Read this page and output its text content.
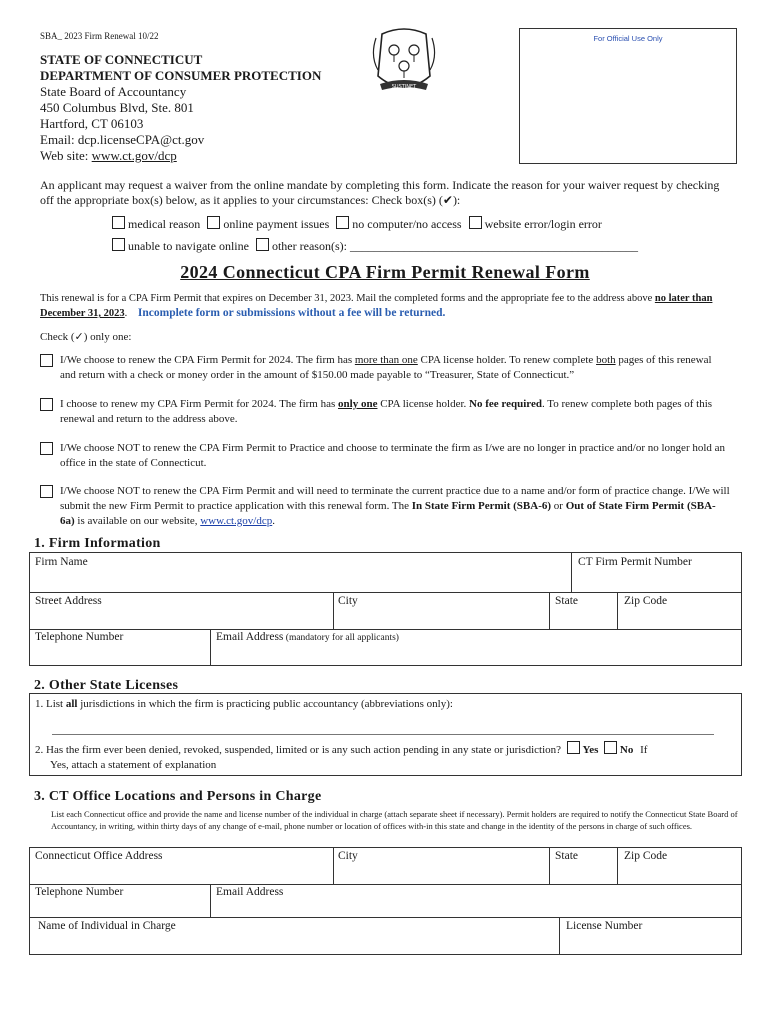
SBA_ 2023 Firm Renewal 10/22
STATE OF CONNECTICUT
DEPARTMENT OF CONSUMER PROTECTION
State Board of Accountancy
450 Columbus Blvd, Ste. 801
Hartford, CT 06103
Email: dcp.licenseCPA@ct.gov
Web site: www.ct.gov/dcp
SUSTINET
For Official Use Only
An applicant may request a waiver from the online mandate by completing this form. Indicate the reason for your waiver request by checking off the appropriate box(s) below, as it applies to your circumstances: Check box(s) (✔):
medical reason online payment issues no computer/no access website error/login error
unable to navigate online other reason(s): ________________________________________________
2024 Connecticut CPA Firm Permit Renewal Form
This renewal is for a CPA Firm Permit that expires on December 31, 2023. Mail the completed forms and the appropriate fee to the address above no later than December 31, 2023. Incomplete form or submissions without a fee will be returned.
Check (✓) only one:
I/We choose to renew the CPA Firm Permit for 2024. The firm has more than one CPA license holder. To renew complete both pages of this renewal and return with a check or money order in the amount of $150.00 made payable to “Treasurer, State of Connecticut.”
I choose to renew my CPA Firm Permit for 2024. The firm has only one CPA license holder. No fee required. To renew complete both pages of this renewal and return to the address above.
I/We choose NOT to renew the CPA Firm Permit to Practice and choose to terminate the firm as I/we are no longer in practice and/or no longer hold an office in the state of Connecticut.
I/We choose NOT to renew the CPA Firm Permit and will need to terminate the current practice due to a name and/or form of practice change. I/We will submit the new Firm Permit to practice application with this renewal form. The In State Firm Permit (SBA-6) or Out of State Firm Permit (SBA-6a) is available on our website, www.ct.gov/dcp.
1. Firm Information
Firm Name	CT Firm Permit Number
Street Address	City	State	Zip Code
Telephone Number	Email Address (mandatory for all applicants)
2. Other State Licenses
1. List all jurisdictions in which the firm is practicing public accountancy (abbreviations only):
2. Has the firm ever been denied, revoked, suspended, limited or is any such action pending in any state or jurisdiction? Yes No If
Yes, attach a statement of explanation
3. CT Office Locations and Persons in Charge
List each Connecticut office and provide the name and license number of the individual in charge (attach separate sheet if necessary). Permit holders are required to notify the Connecticut State Board of Accountancy, in writing, within thirty days of any change of e-mail, phone number or location of offices with-in this state and change in the identity of the persons in charge of such offices.
Connecticut Office Address	City	State	Zip Code
Telephone Number	Email Address
Name of Individual in Charge	License Number
